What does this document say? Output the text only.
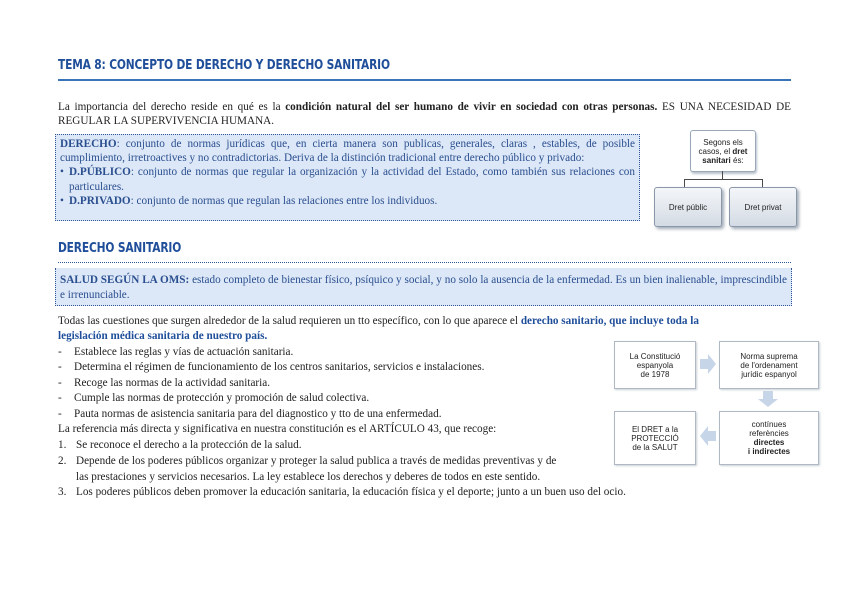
TEMA 8: CONCEPTO DE DERECHO Y DERECHO SANITARIO
La importancia del derecho reside en qué es la condición natural del ser humano de vivir en sociedad con otras personas. ES UNA NECESIDAD DE REGULAR LA SUPERVIVENCIA HUMANA.
DERECHO: conjunto de normas jurídicas que, en cierta manera son publicas, generales, claras , estables, de posible cumplimiento, irretroactives y no contradictorias. Deriva de la distinción tradicional entre derecho público y privado:
• D.PÚBLICO: conjunto de normas que regular la organización y la actividad del Estado, como también sus relaciones con particulares.
• D.PRIVADO: conjunto de normas que regulan las relaciones entre los individuos.
Segons els
casos, el dret
sanitari és:
Dret públic	Dret privat
DERECHO SANITARIO
SALUD SEGÚN LA OMS: estado completo de bienestar físico, psíquico y social, y no solo la ausencia de la enfermedad. Es un bien inalienable, imprescindible e irrenunciable.
Todas las cuestiones que surgen alrededor de la salud requieren un tto específico, con lo que aparece el derecho sanitario, que incluye toda la
legislación médica sanitaria de nuestro país.
- Establece las reglas y vías de actuación sanitaria.
- Determina el régimen de funcionamiento de los centros sanitarios, servicios e instalaciones.
- Recoge las normas de la actividad sanitaria.
- Cumple las normas de protección y promoción de salud colectiva.
- Pauta normas de asistencia sanitaria para del diagnostico y tto de una enfermedad.
La referencia más directa y significativa en nuestra constitución es el ARTÍCULO 43, que recoge:
1. Se reconoce el derecho a la protección de la salud.
2. Depende de los poderes públicos organizar y proteger la salud publica a través de medidas preventivas y de
las prestaciones y servicios necesarios. La ley establece los derechos y deberes de todos en este sentido.
3. Los poderes públicos deben promover la educación sanitaria, la educación física y el deporte; junto a un buen uso del ocio.
La Constitució
espanyola
de 1978
Norma suprema
de l'ordenament
jurídic espanyol
contínues
referències
directes
i indirectes
El DRET a la
PROTECCIÓ
de la SALUT
